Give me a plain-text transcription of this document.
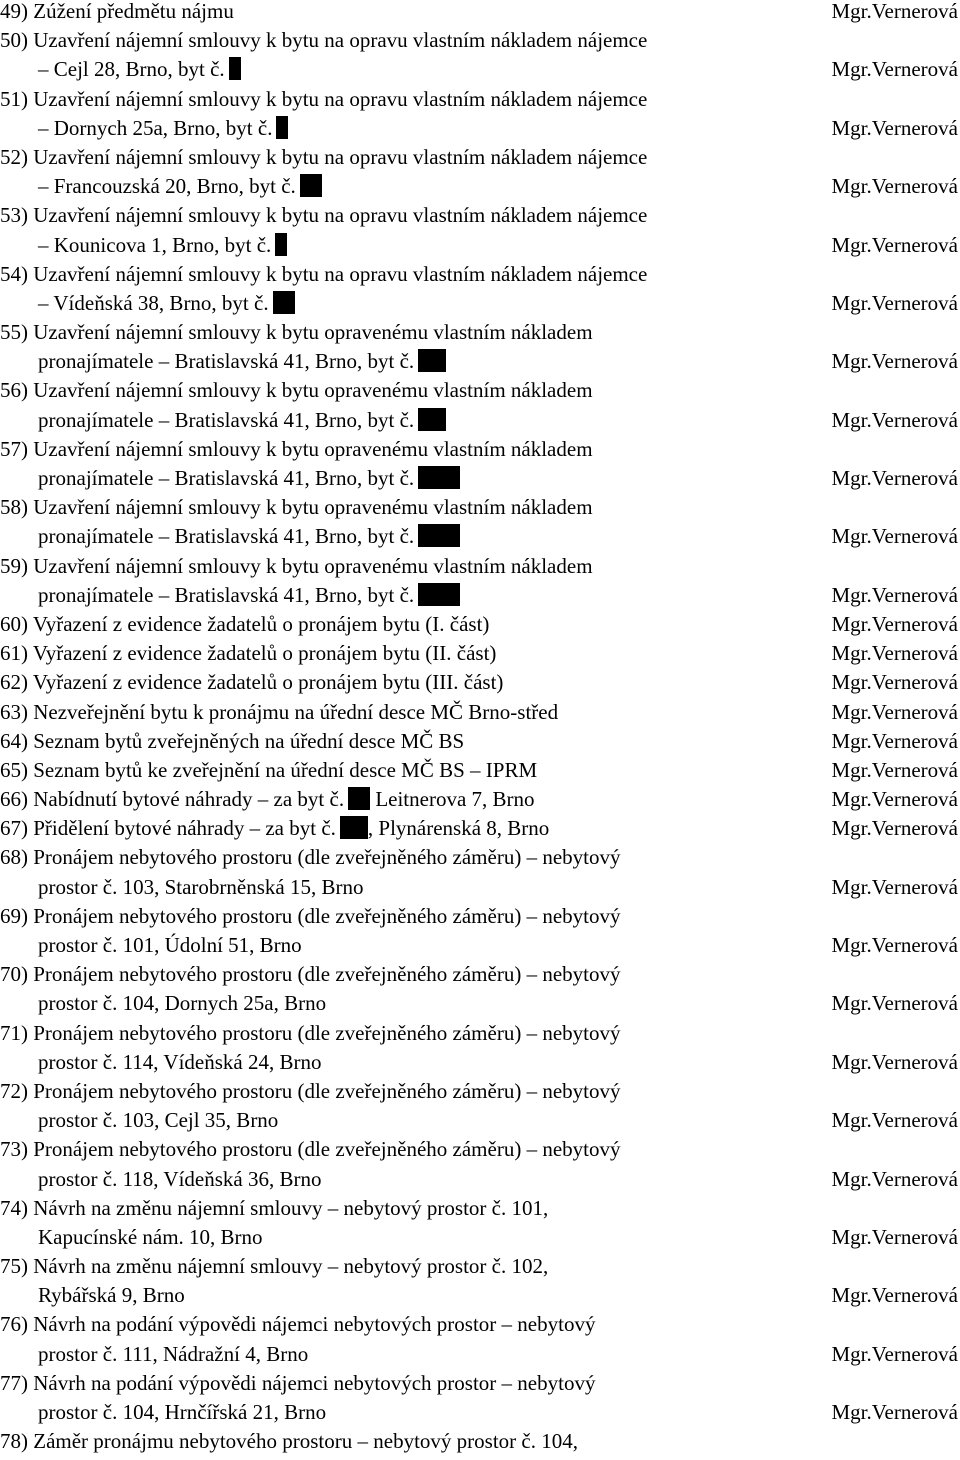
49) Zúžení předmětu nájmu	Mgr.Vernerová
50) Uzavření nájemní smlouvy k bytu na opravu vlastním nákladem nájemce
– Cejl 28, Brno, byt č.	Mgr.Vernerová
51) Uzavření nájemní smlouvy k bytu na opravu vlastním nákladem nájemce
– Dornych 25a, Brno, byt č.	Mgr.Vernerová
52) Uzavření nájemní smlouvy k bytu na opravu vlastním nákladem nájemce
– Francouzská 20, Brno, byt č.	Mgr.Vernerová
53) Uzavření nájemní smlouvy k bytu na opravu vlastním nákladem nájemce
– Kounicova 1, Brno, byt č.	Mgr.Vernerová
54) Uzavření nájemní smlouvy k bytu na opravu vlastním nákladem nájemce
– Vídeňská 38, Brno, byt č.	Mgr.Vernerová
55) Uzavření nájemní smlouvy k bytu opravenému vlastním nákladem
pronajímatele – Bratislavská 41, Brno, byt č.	Mgr.Vernerová
56) Uzavření nájemní smlouvy k bytu opravenému vlastním nákladem
pronajímatele – Bratislavská 41, Brno, byt č.	Mgr.Vernerová
57) Uzavření nájemní smlouvy k bytu opravenému vlastním nákladem
pronajímatele – Bratislavská 41, Brno, byt č.	Mgr.Vernerová
58) Uzavření nájemní smlouvy k bytu opravenému vlastním nákladem
pronajímatele – Bratislavská 41, Brno, byt č.	Mgr.Vernerová
59) Uzavření nájemní smlouvy k bytu opravenému vlastním nákladem
pronajímatele – Bratislavská 41, Brno, byt č.	Mgr.Vernerová
60) Vyřazení z evidence žadatelů o pronájem bytu (I. část)	Mgr.Vernerová
61) Vyřazení z evidence žadatelů o pronájem bytu (II. část)	Mgr.Vernerová
62) Vyřazení z evidence žadatelů o pronájem bytu (III. část)	Mgr.Vernerová
63) Nezveřejnění bytu k pronájmu na úřední desce MČ Brno-střed	Mgr.Vernerová
64) Seznam bytů zveřejněných na úřední desce MČ BS	Mgr.Vernerová
65) Seznam bytů ke zveřejnění na úřední desce MČ BS – IPRM	Mgr.Vernerová
66) Nabídnutí bytové náhrady – za byt č. Leitnerova 7, Brno	Mgr.Vernerová
67) Přidělení bytové náhrady – za byt č. , Plynárenská 8, Brno	Mgr.Vernerová
68) Pronájem nebytového prostoru (dle zveřejněného záměru) – nebytový
prostor č. 103, Starobrněnská 15, Brno	Mgr.Vernerová
69) Pronájem nebytového prostoru (dle zveřejněného záměru) – nebytový
prostor č. 101, Údolní 51, Brno	Mgr.Vernerová
70) Pronájem nebytového prostoru (dle zveřejněného záměru) – nebytový
prostor č. 104, Dornych 25a, Brno	Mgr.Vernerová
71) Pronájem nebytového prostoru (dle zveřejněného záměru) – nebytový
prostor č. 114, Vídeňská 24, Brno	Mgr.Vernerová
72) Pronájem nebytového prostoru (dle zveřejněného záměru) – nebytový
prostor č. 103, Cejl 35, Brno	Mgr.Vernerová
73) Pronájem nebytového prostoru (dle zveřejněného záměru) – nebytový
prostor č. 118, Vídeňská 36, Brno	Mgr.Vernerová
74) Návrh na změnu nájemní smlouvy – nebytový prostor č. 101,
Kapucínské nám. 10, Brno	Mgr.Vernerová
75) Návrh na změnu nájemní smlouvy – nebytový prostor č. 102,
Rybářská 9, Brno	Mgr.Vernerová
76) Návrh na podání výpovědi nájemci nebytových prostor – nebytový
prostor č. 111, Nádražní 4, Brno	Mgr.Vernerová
77) Návrh na podání výpovědi nájemci nebytových prostor – nebytový
prostor č. 104, Hrnčířská 21, Brno	Mgr.Vernerová
78) Záměr pronájmu nebytového prostoru – nebytový prostor č. 104,
